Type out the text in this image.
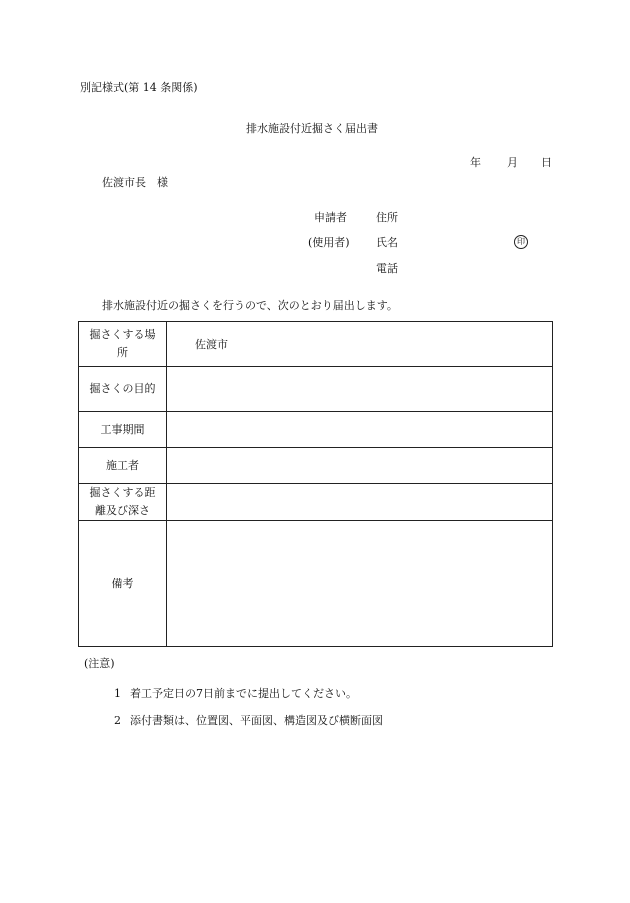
別記様式(第 14 条関係)
排水施設付近掘さく届出書
年 月 日
佐渡市長　様
申請者	住所
(使用者) 氏名	印
電話
排水施設付近の掘さくを行うので、次のとおり届出します。
掘さくする場所	佐渡市
掘さくの目的	
工事期間	
施工者	

掘さくする距離及び深さ	

備考	
(注意)
1 着工予定日の7日前までに提出してください。
2 添付書類は、位置図、平面図、構造図及び横断面図
